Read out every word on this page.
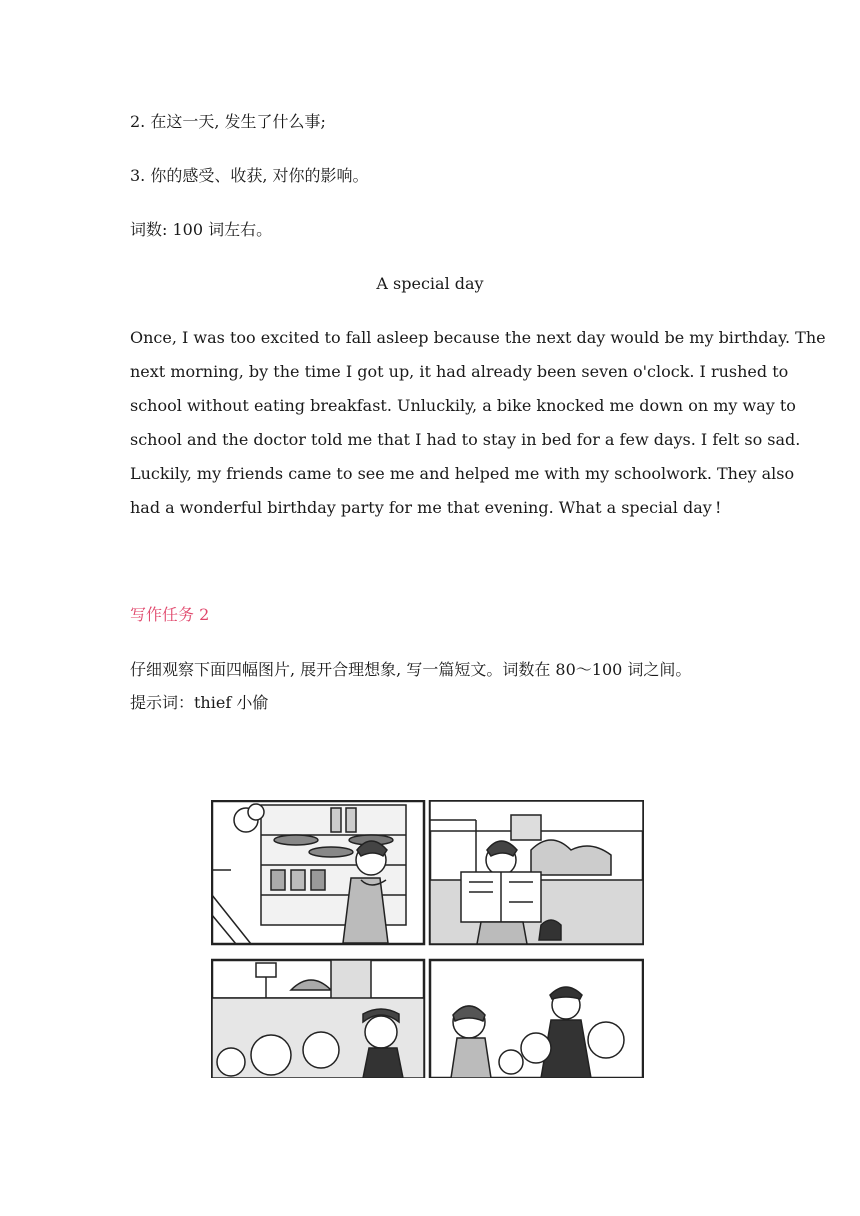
2. 在这一天, 发生了什么事;
3. 你的感受、收获, 对你的影响。
词数: 100 词左右。
A special day
Once, I was too excited to fall asleep because the next day would be my birthday. The
next morning, by the time I got up, it had already been seven o'clock. I rushed to
school without eating breakfast. Unluckily, a bike knocked me down on my way to
school and the doctor told me that I had to stay in bed for a few days. I felt so sad.
Luckily, my friends came to see me and helped me with my schoolwork. They also
had a wonderful birthday party for me that evening. What a special day !
写作任务 2
仔细观察下面四幅图片, 展开合理想象, 写一篇短文。词数在 80～100 词之间。
提示词：thief 小偷
